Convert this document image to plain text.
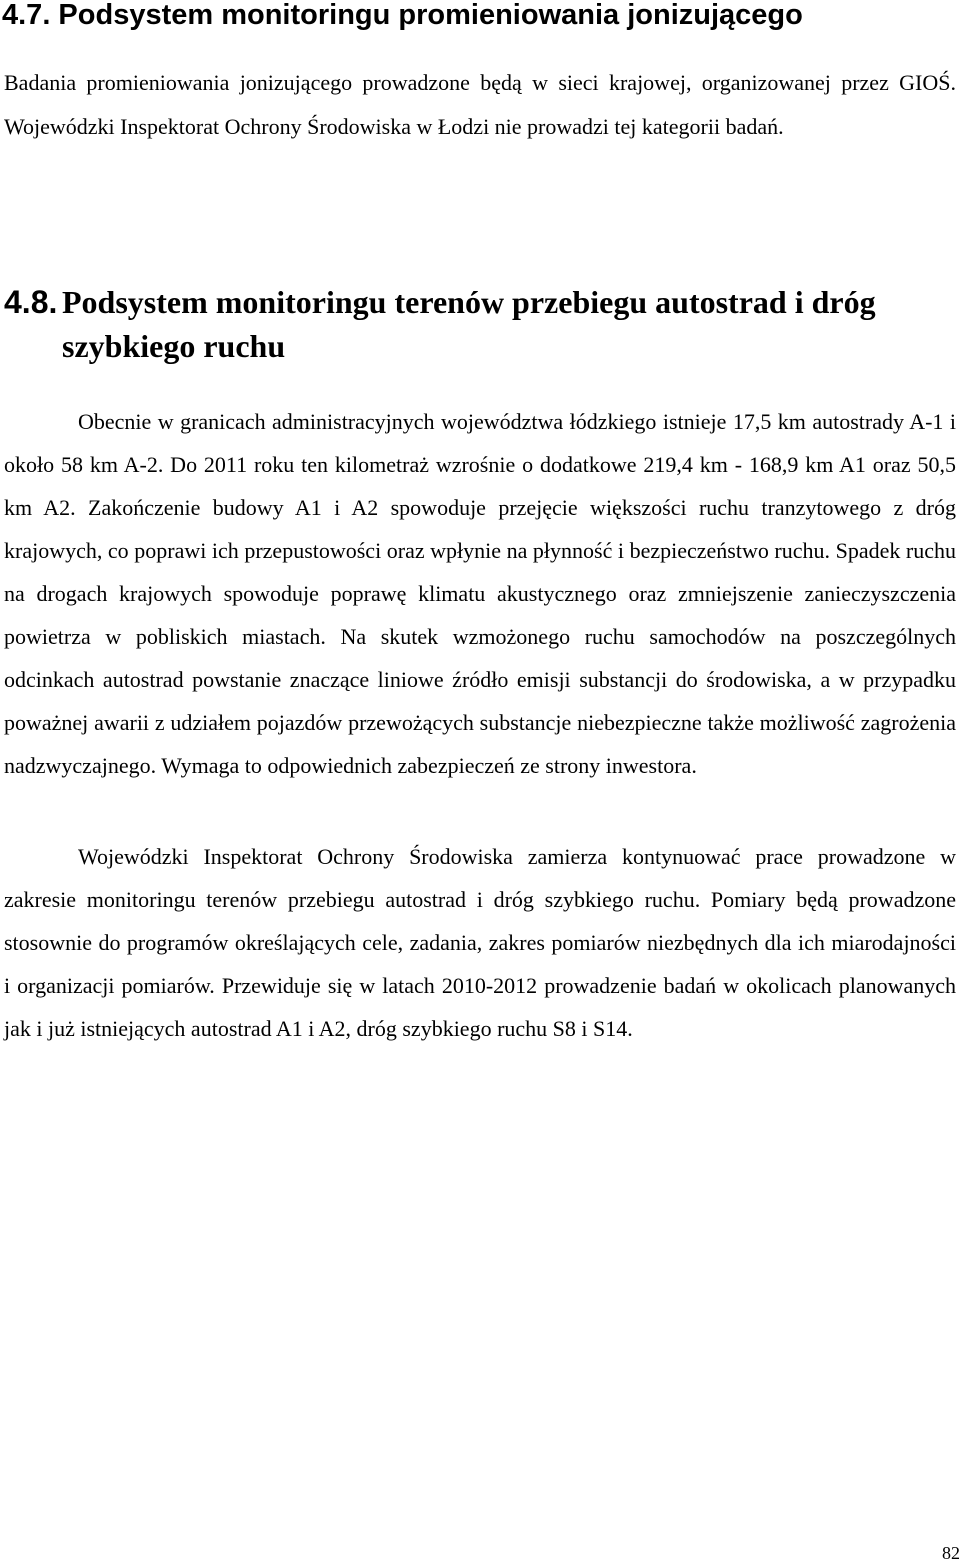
4.7. Podsystem monitoringu promieniowania jonizującego

Badania promieniowania jonizującego prowadzone będą w sieci krajowej, organizowanej przez GIOŚ. Wojewódzki Inspektorat Ochrony Środowiska w Łodzi nie prowadzi tej kategorii badań.

4.8. Podsystem monitoringu terenów przebiegu autostrad i dróg
szybkiego ruchu

Obecnie w granicach administracyjnych województwa łódzkiego istnieje 17,5 km autostrady A-1 i około 58 km A-2. Do 2011 roku ten kilometraż wzrośnie o dodatkowe 219,4 km - 168,9 km A1 oraz 50,5 km A2. Zakończenie budowy A1 i A2 spowoduje przejęcie większości ruchu tranzytowego z dróg krajowych, co poprawi ich przepustowości oraz wpłynie na płynność i bezpieczeństwo ruchu. Spadek ruchu na drogach krajowych spowoduje poprawę klimatu akustycznego oraz zmniejszenie zanieczyszczenia powietrza w pobliskich miastach. Na skutek wzmożonego ruchu samochodów na poszczególnych odcinkach autostrad powstanie znaczące liniowe źródło emisji substancji do środowiska, a w przypadku poważnej awarii z udziałem pojazdów przewożących substancje niebezpieczne także możliwość zagrożenia nadzwyczajnego. Wymaga to odpowiednich zabezpieczeń ze strony inwestora.

Wojewódzki Inspektorat Ochrony Środowiska zamierza kontynuować prace prowadzone w zakresie monitoringu terenów przebiegu autostrad i dróg szybkiego ruchu. Pomiary będą prowadzone stosownie do programów określających cele, zadania, zakres pomiarów niezbędnych dla ich miarodajności i organizacji pomiarów. Przewiduje się w latach 2010-2012 prowadzenie badań w okolicach planowanych jak i już istniejących autostrad A1 i A2, dróg szybkiego ruchu S8 i S14.

82
